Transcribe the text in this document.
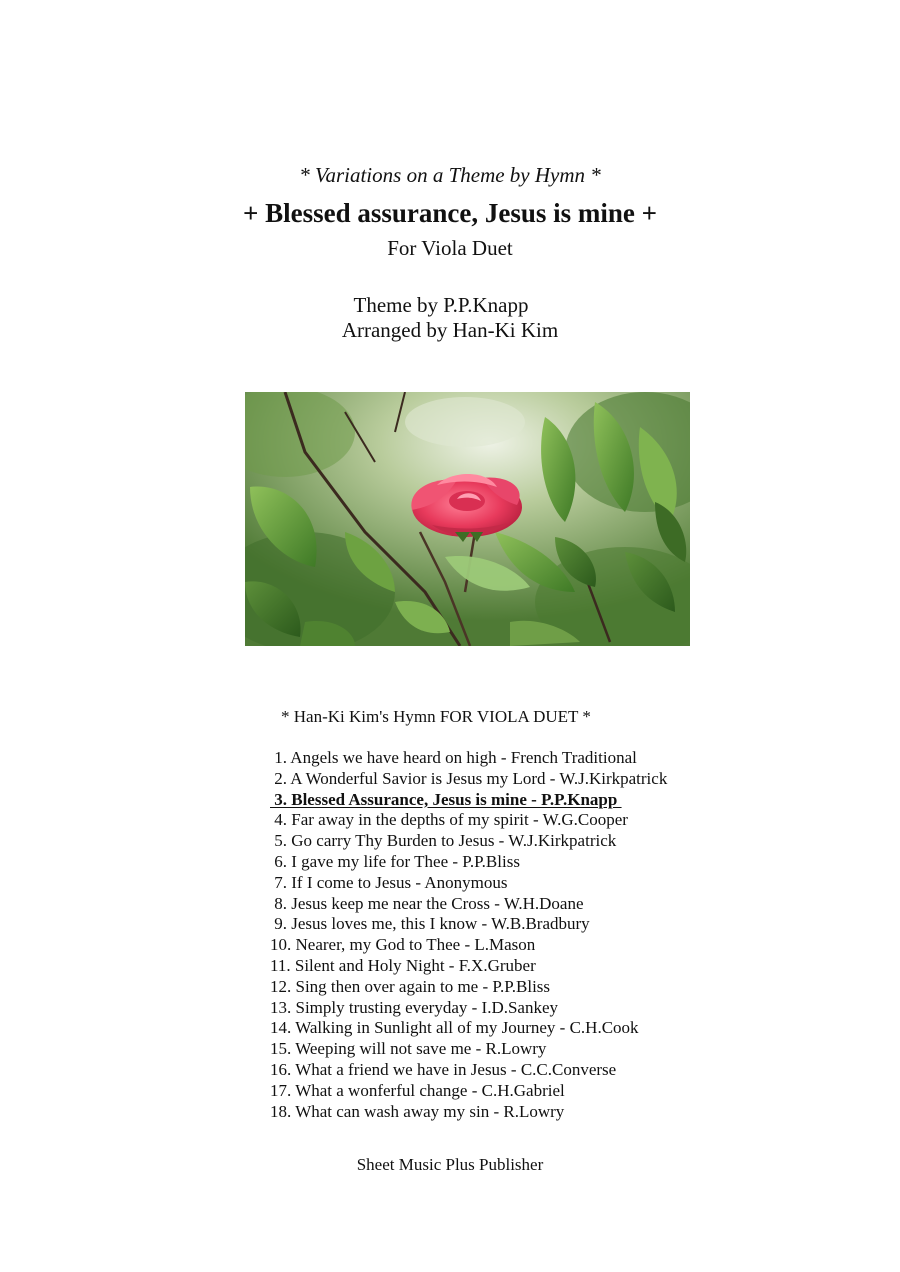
* Variations on a Theme by Hymn *
+ Blessed assurance, Jesus is mine +
For Viola Duet
Theme by P.P.Knapp
Arranged by Han-Ki Kim
* Han-Ki Kim's Hymn FOR VIOLA DUET *
1. Angels we have heard on high - French Traditional
2. A Wonderful Savior is Jesus my Lord - W.J.Kirkpatrick
3. Blessed Assurance, Jesus is mine - P.P.Knapp
4. Far away in the depths of my spirit - W.G.Cooper
5. Go carry Thy Burden to Jesus - W.J.Kirkpatrick
6. I gave my life for Thee - P.P.Bliss
7. If I come to Jesus - Anonymous
8. Jesus keep me near the Cross - W.H.Doane
9. Jesus loves me, this I know - W.B.Bradbury
10. Nearer, my God to Thee - L.Mason
11. Silent and Holy Night - F.X.Gruber
12. Sing then over again to me - P.P.Bliss
13. Simply trusting everyday - I.D.Sankey
14. Walking in Sunlight all of my Journey - C.H.Cook
15. Weeping will not save me - R.Lowry
16. What a friend we have in Jesus - C.C.Converse
17. What a wonferful change - C.H.Gabriel
18. What can wash away my sin - R.Lowry
Sheet Music Plus Publisher
